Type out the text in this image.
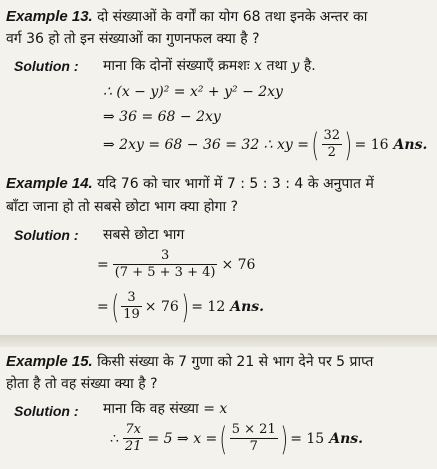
Example 13. दो संख्याओं के वर्गों का योग 68 तथा इनके अन्तर का
वर्ग 36 हो तो इन संख्याओं का गुणनफल क्या है ?
Solution : माना कि दोनों संख्याएँ क्रमशः x तथा y है.
∴ (x − y)² = x² + y² − 2xy
⇒ 36 = 68 − 2xy
⇒ 2xy = 68 − 36 = 32 ∴ xy = ( $\frac{32}{2}$ ) = 16 Ans.
Example 14. यदि 76 को चार भागों में 7 : 5 : 3 : 4 के अनुपात में
बाँटा जाना हो तो सबसे छोटा भाग क्या होगा ?
Solution : सबसे छोटा भाग
= $\frac{3}{(7 + 5 + 3 + 4)} \times 76$
= ( $\frac{3}{19} \times 76$ ) = 12 Ans.
Example 15. किसी संख्या के 7 गुणा को 21 से भाग देने पर 5 प्राप्त
होता है तो वह संख्या क्या है ?
Solution : माना कि वह संख्या = x
∴ $\frac{7x}{21} = 5$ ⇒ x = ( $\frac{5 \times 21}{7}$ ) = 15 Ans.
